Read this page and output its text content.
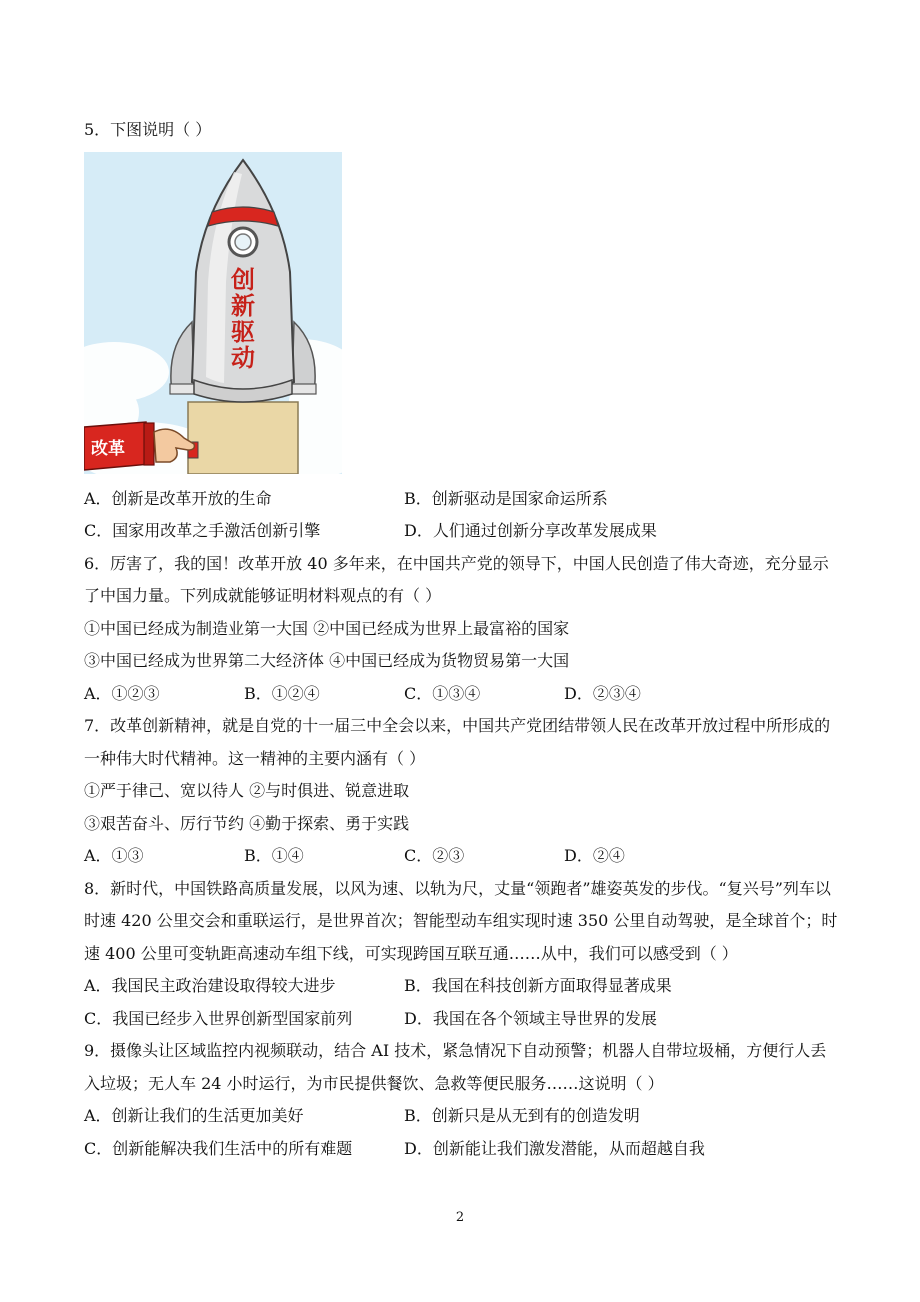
5．下图说明（ ）
创
新
驱
动
改革
A．创新是改革开放的生命	B．创新驱动是国家命运所系
C．国家用改革之手激活创新引擎	D．人们通过创新分享改革发展成果
6．厉害了，我的国！改革开放 40 多年来，在中国共产党的领导下，中国人民创造了伟大奇迹，充分显示
了中国力量。下列成就能够证明材料观点的有（ ）
①中国已经成为制造业第一大国 ②中国已经成为世界上最富裕的国家
③中国已经成为世界第二大经济体 ④中国已经成为货物贸易第一大国
A．①②③	B．①②④	C．①③④	D．②③④
7．改革创新精神，就是自党的十一届三中全会以来，中国共产党团结带领人民在改革开放过程中所形成的
一种伟大时代精神。这一精神的主要内涵有（ ）
①严于律己、宽以待人 ②与时俱进、锐意进取
③艰苦奋斗、厉行节约 ④勤于探索、勇于实践
A．①③	B．①④	C．②③	D．②④
8．新时代，中国铁路高质量发展，以风为速、以轨为尺，丈量“领跑者”雄姿英发的步伐。“复兴号”列车以
时速 420 公里交会和重联运行，是世界首次；智能型动车组实现时速 350 公里自动驾驶，是全球首个；时
速 400 公里可变轨距高速动车组下线，可实现跨国互联互通……从中，我们可以感受到（ ）
A．我国民主政治建设取得较大进步	B．我国在科技创新方面取得显著成果
C．我国已经步入世界创新型国家前列	D．我国在各个领域主导世界的发展
9．摄像头让区域监控内视频联动，结合 AI 技术，紧急情况下自动预警；机器人自带垃圾桶，方便行人丢
入垃圾；无人车 24 小时运行，为市民提供餐饮、急救等便民服务……这说明（ ）
A．创新让我们的生活更加美好	B．创新只是从无到有的创造发明
C．创新能解决我们生活中的所有难题	D．创新能让我们激发潜能，从而超越自我
2
